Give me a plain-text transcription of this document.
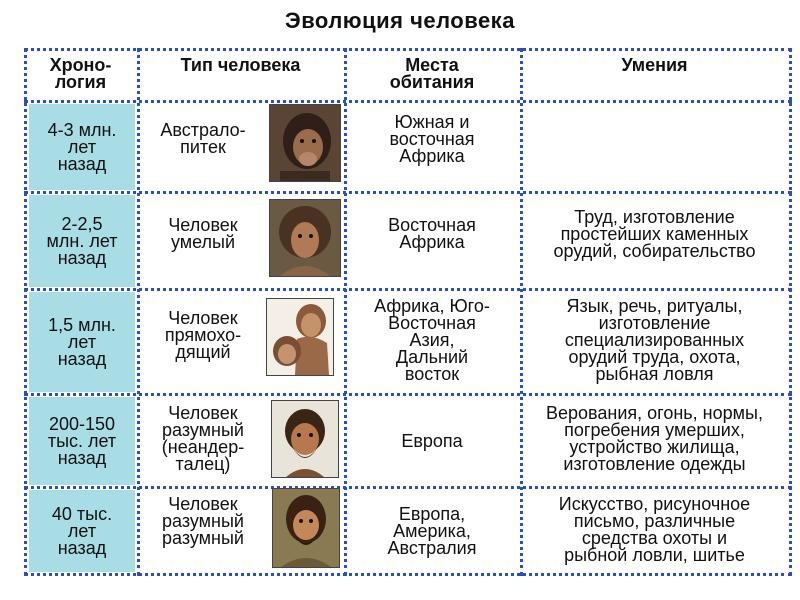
Эволюция человека
Хроно-
логия
Тип человека	Места
обитания
Умения
4-3 млн.
лет
назад
Австрало-
питек
Южная и
восточная
Африка
2-2,5
млн. лет
назад
Человек
умелый
Восточная
Африка
Труд, изготовление
простейших каменных
орудий, собирательство
1,5 млн.
лет
назад
Человек
прямохо-
дящий
Африка, Юго-
Восточная
Азия,
Дальний
восток
Язык, речь, ритуалы,
изготовление
специализированных
орудий труда, охота,
рыбная ловля
200-150
тыс. лет
назад
Человек
разумный
(неандер-
талец)
Европа
Верования, огонь, нормы,
погребения умерших,
устройство жилища,
изготовление одежды
40 тыс.
лет
назад
Человек
разумный
разумный
Европа,
Америка,
Австралия
Искусство, рисуночное
письмо, различные
средства охоты и
рыбной ловли, шитье
